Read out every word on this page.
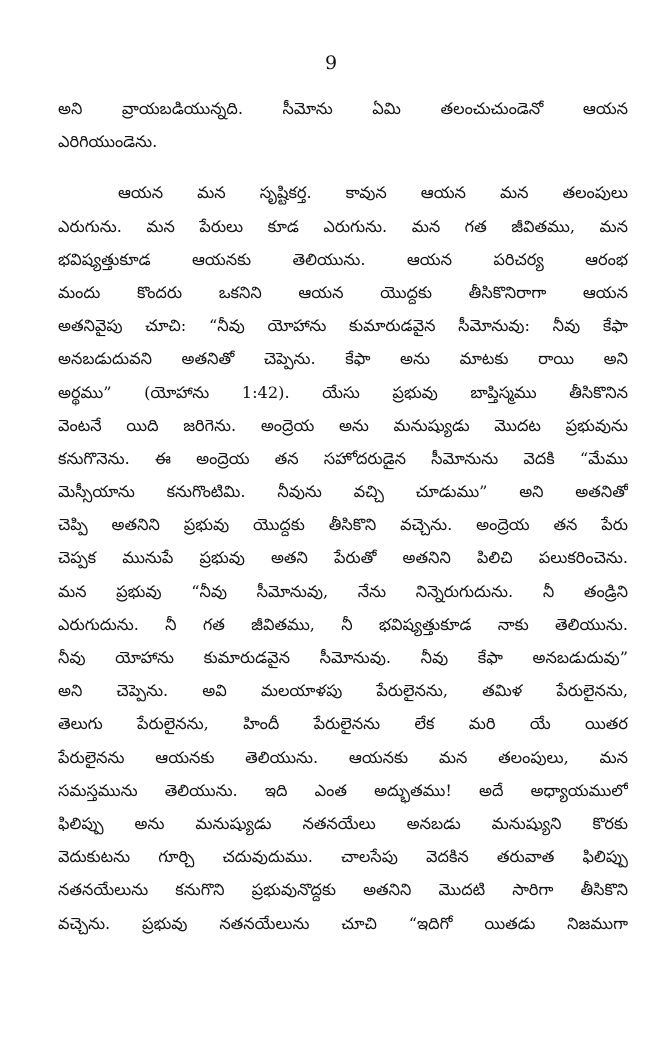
9
అని వ్రాయబడియున్నది. సీమోను ఏమి తలంచుచుండెనో ఆయన
ఎరిగియుండెను.
ఆయన మన సృష్టికర్త. కావున ఆయన మన తలంపులు
ఎరుగును. మన పేరులు కూడ ఎరుగును. మన గత జీవితము, మన
భవిష్యత్తుకూడ ఆయనకు తెలియును. ఆయన పరిచర్య ఆరంభ
మందు కొందరు ఒకనిని ఆయన యొద్దకు తీసికొనిరాగా ఆయన
అతనివైపు చూచి: “నీవు యోహాను కుమారుడవైన సీమోనువు: నీవు కేఫా
అనబడుదువని అతనితో చెప్పెను. కేఫా అను మాటకు రాయి అని
అర్థము” (యోహాను 1:42). యేసు ప్రభువు బాప్తిస్మము తీసికొనిన
వెంటనే యిది జరిగెను. అంద్రెయ అను మనుష్యుడు మొదట ప్రభువును
కనుగొనెను. ఈ అంద్రెయ తన సహోదరుడైన సీమోనును వెదకి “మేము
మెస్సీయాను కనుగొంటిమి. నీవును వచ్చి చూడుము” అని అతనితో
చెప్పి అతనిని ప్రభువు యొద్దకు తీసికొని వచ్చెను. అంద్రెయ తన పేరు
చెప్పక మునుపే ప్రభువు అతని పేరుతో అతనిని పిలిచి పలుకరించెను.
మన ప్రభువు “నీవు సీమోనువు, నేను నిన్నెరుగుదును. నీ తండ్రిని
ఎరుగుదును. నీ గత జీవితము, నీ భవిష్యత్తుకూడ నాకు తెలియును.
నీవు యోహాను కుమారుడవైన సీమోనువు. నీవు కేఫా అనబడుదువు”
అని చెప్పెను. అవి మలయాళపు పేరులైనను, తమిళ పేరులైనను,
తెలుగు పేరులైనను, హిందీ పేరులైనను లేక మరి యే యితర
పేరులైనను ఆయనకు తెలియును. ఆయనకు మన తలంపులు, మన
సమస్తమును తెలియును. ఇది ఎంత అద్భుతము! అదే అధ్యాయములో
ఫిలిప్పు అను మనుష్యుడు నతనయేలు అనబడు మనుష్యుని కొరకు
వెదుకుటను గూర్చి చదువుదుము. చాలసేపు వెదకిన తరువాత ఫిలిప్పు
నతనయేలును కనుగొని ప్రభువునొద్దకు అతనిని మొదటి సారిగా తీసికొని
వచ్చెను. ప్రభువు నతనయేలును చూచి “ఇదిగో యితడు నిజముగా
